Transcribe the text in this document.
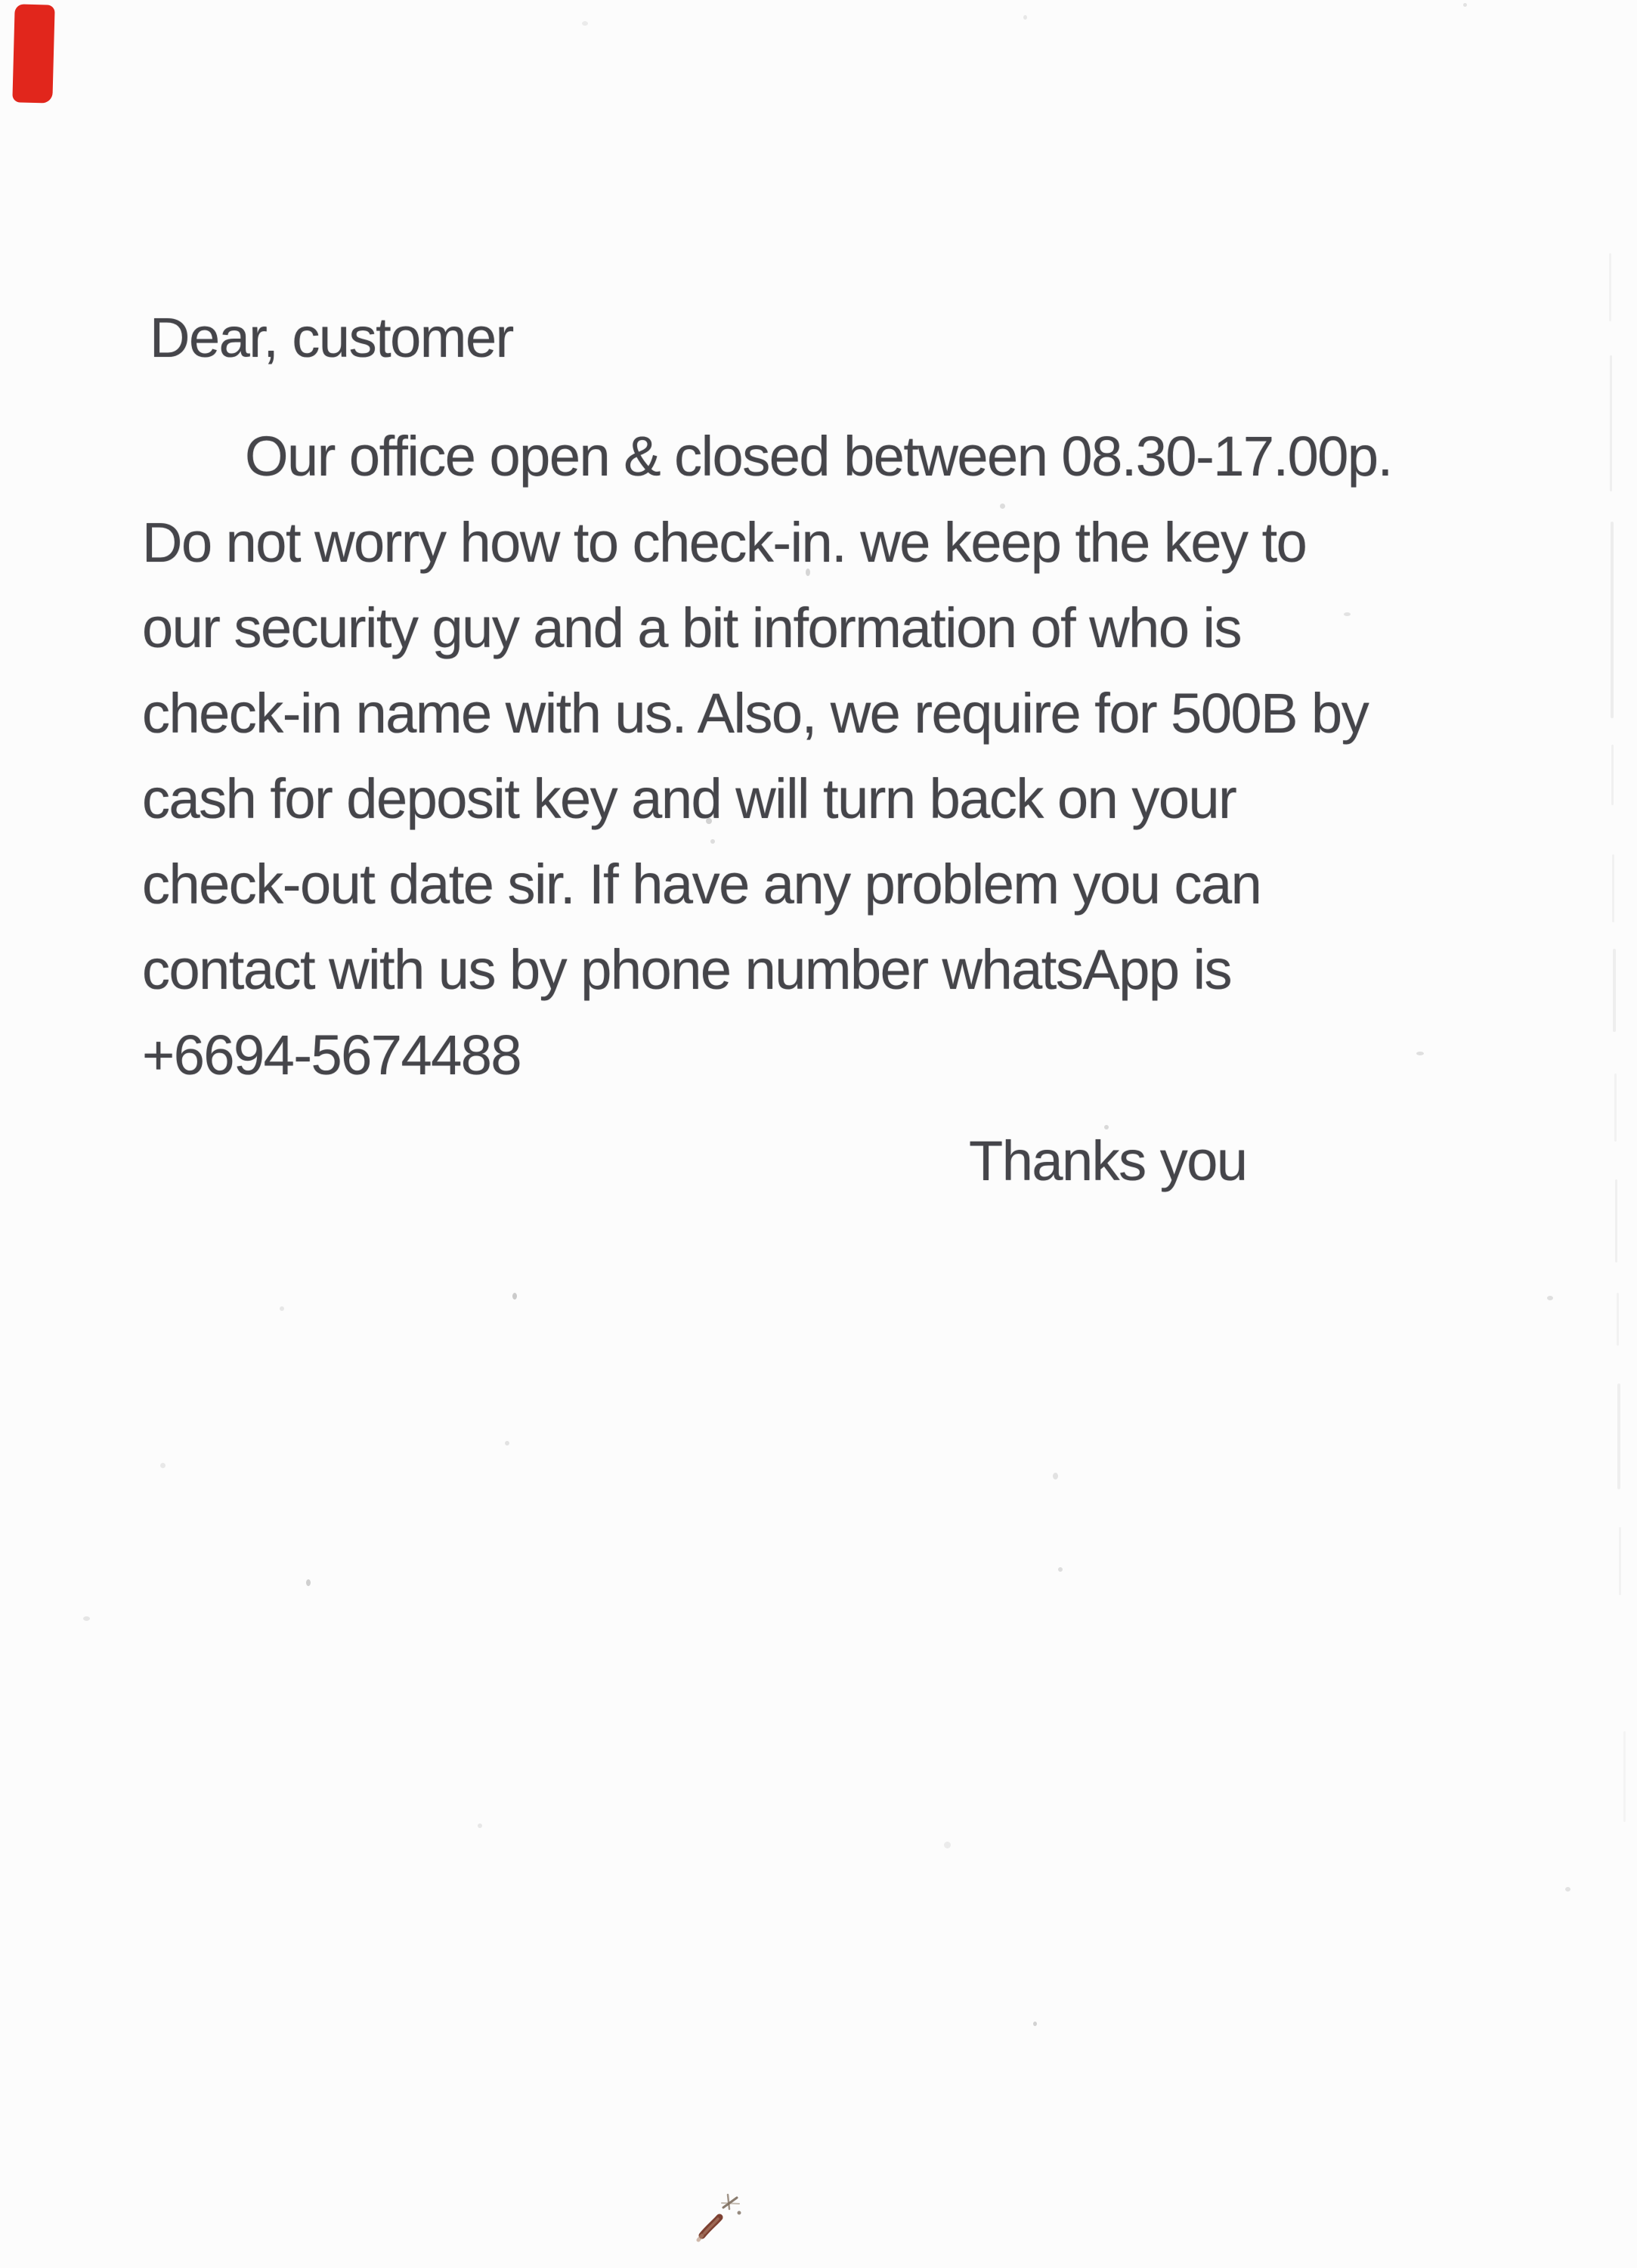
Dear, customer
Our office open & closed between 08.30-17.00p.
Do not worry how to check-in. we keep the key to
our security guy and a bit information of who is
check-in name with us. Also, we require for 500B by
cash for deposit key and will turn back on your
check-out date sir. If have any problem you can
contact with us by phone number whatsApp is
+6694-5674488
Thanks you
